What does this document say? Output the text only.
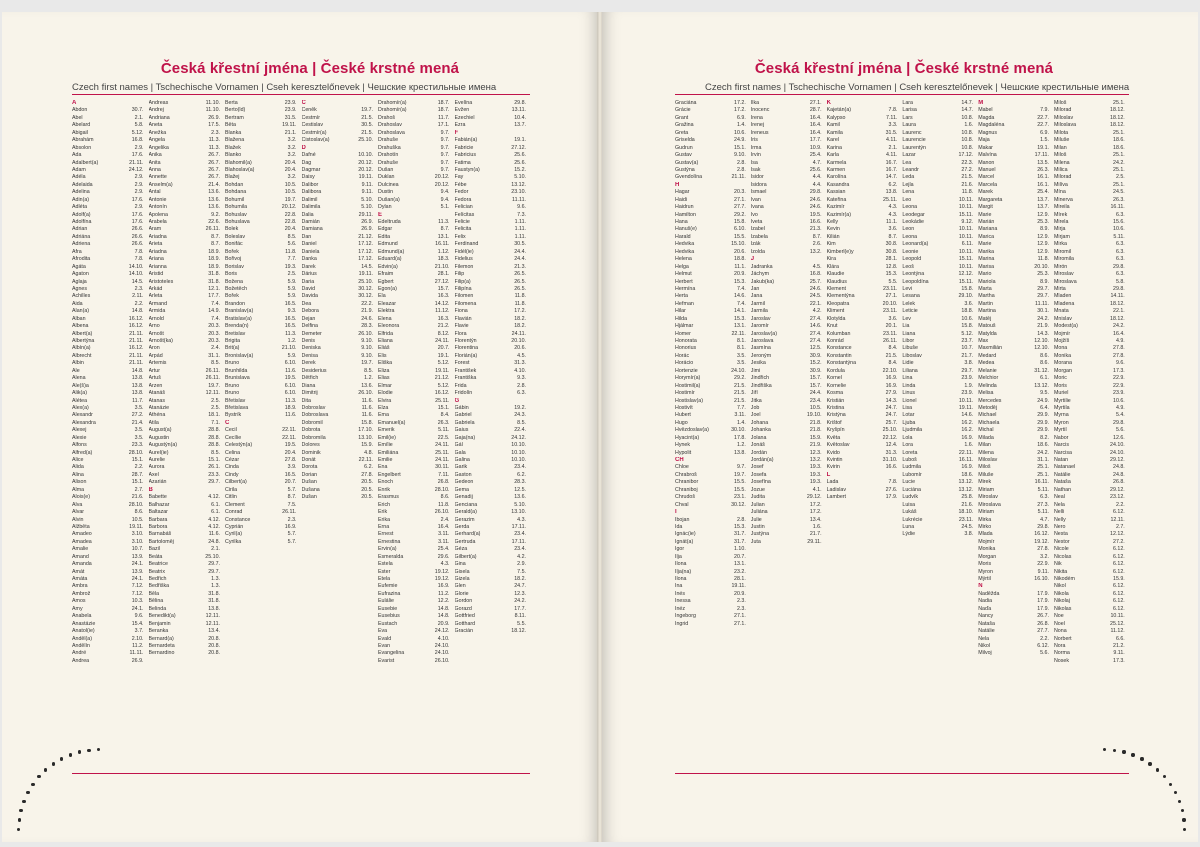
Česká křestní jména | České krstné mená
Czech first names | Tschechische Vornamen | Cseh keresztelőnevek | Чешские крестильные имена
A
Abdon	30.7.
Abel	2.1.
Abelard	5.8.
Abigail	5.12.
Abrahám	16.8.
Absolon	2.9.
Ada	17.6.
Adalbert(a)	21.11.
Adam	24.12.
Adéla	2.9.
Adelaida	2.9.
Adelina	2.9.
Adin(a)	17.6.
Adléta	2.9.
Adolf(a)	17.6.
Adolfína	17.6.
Adrian	26.6.
Adriána	26.6.
Adriena	26.6.
Afra	7.8.
Afrodita	7.8.
Agáta	14.10.
Agaton	14.10.
Aglaja	14.5.
Agnes	2.3.
Achilles	2.11.
Aida	2.2.
Alan(a)	14.8.
Alban	16.12.
Albena	16.12.
Albert(a)	21.11.
Albertýna	21.11.
Albín(a)	16.12.
Albrecht	21.11.
Albin	21.11.
Ale	14.8.
Alena	13.8.
Ale(š)a	13.8.
Alik(a)	13.8.
Alétea	11.7.
Alex(a)	3.5.
Alexandr	27.2.
Alexandra	21.4.
Alexej	3.5.
Alexie	3.5.
Alfons	23.3.
Alfred(a)	28.10.
Alice	15.1.
Alida	2.2.
Alina	28.7.
Alison	15.1.
Alma	2.7.
Alois(e)	21.6.
Alva	28.10.
Alvar	8.6.
Alvin	10.5.
Alžběta	19.11.
Amadeo	3.10.
Amadea	3.10.
Amalie	10.7.
Amand	13.9.
Amanda	24.1.
Amát	13.9.
Amáta	24.1.
Ambra	7.12.
Ambrož	7.12.
Amos	10.3.
Amy	24.1.
Anabela	9.6.
Anastázie	15.4.
Anatol(ie)	3.7.
Anděl(a)	2.10.
Andělín	11.2.
André	11.11.
Andrea	26.9.
Andreas	11.10.
Andrej	11.10.
Andriana	26.9.
Aneta	17.5.
Anežka	2.3.
Angela	11.3.
Angelika	11.3.
Anika	26.7.
Anita	26.7.
Anna	26.7.
Annette	26.7.
Anselm(a)	21.4.
Antal	13.6.
Antonie	13.6.
Antonín	13.6.
Apolena	9.2.
Arabela	22.6.
Aram	26.11.
Ariadna	8.7.
Arieta	8.7.
Ariadna	18.9.
Ariana	18.9.
Arianna	18.9.
Aristid	31.8.
Aristoteles	31.8.
Arkád	12.1.
Arleta	17.7.
Armand	7.4.
Armida	14.9.
Arnold	7.4.
Arno	20.3.
Arnošt	20.3.
Arnošt(ka)	20.3.
Aron	2.4.
Arpád	31.1.
Artemis	8.5.
Artur	26.11.
Artuš	26.11.
Arzen	19.7.
Atanáš	12.11.
Atanas	2.5.
Atanázie	2.5.
Athéna	18.1.
Atila	7.1.
August(a)	28.8.
Augustin	28.8.
Augustýn(a)	28.8.
Aurel(ie)	8.5.
Aurelie	15.1.
Aurora	26.1.
Axel	23.3.
Azarián	29.7.
B
Babette	4.12.
Balhazar	6.1.
Baltazar	6.1.
Barbara	4.12.
Barbora	4.12.
Barnabáš	11.6.
Bartoloměj	24.8.
Bazil	2.1.
Beáta	25.10.
Beatrice	29.7.
Beatrix	29.7.
Bedřich	1.3.
Bedřiška	1.3.
Běla	31.8.
Bělina	31.8.
Belinda	13.8.
Benedikt(a)	12.11.
Benjamin	12.11.
Beranka	13.4.
Bernard(a)	20.8.
Bernardeta	20.8.
Bernardino	20.8.
Berta	23.9.
Berto(ld)	23.9.
Bertram	31.5.
Běta	19.11.
Blanka	21.1.
Blažena	3.2.
Blažek	3.2.
Blanko	3.2.
Blahomil(a)	20.4.
Blahoslav(a)	20.4.
Blažej	3.2.
Bohdan	10.5.
Bohdana	10.5.
Bohumil	19.7.
Bohumila	20.12.
Bohuslav	22.8.
Bohuslava	22.8.
Bolek	20.4.
Boleslav	8.5.
Bonifác	5.6.
Bořek	11.8.
Bořivoj	7.7.
Borislav	19.3.
Boris	2.5.
Božena	5.9.
Božetěch	5.9.
Bořek	5.9.
Brandon	16.5.
Branislav(a)	9.3.
Bratislav(a)	16.5.
Brenda(n)	16.5.
Bretislav	11.3.
Brigita	1.2.
Brit(a)	21.10.
Bronislav(a)	5.9.
Bruno	6.10.
Brunhilda	11.6.
Brunislava	19.5.
Bruno	6.10.
Bruno	6.10.
Břetislav	11.3.
Břetislava	18.9.
Bystrík	11.6.
C
Cecil	22.11.
Cecílie	22.11.
Celestýn(a)	19.5.
Celina	20.4.
Cézar	27.8.
Cinda	3.9.
Cindy	16.5.
Cilbert(a)	20.7.
Cirila	5.7.
Citlin	8.7.
Clement	7.5.
Conrad	26.11.
Constance	2.3.
Cyprián	16.9.
Cyril(a)	5.7.
Cyrilka	5.7.
Č
Čeněk	19.7.
Čestmír	21.5.
Čestislav	30.5.
Čestmír(a)	21.5.
Čistoslav(a)	25.10.
D
Dafné	10.10.
Dag	20.12.
Dagmar	20.12.
Daisy	19.11.
Dalibor	9.11.
Dalibora	9.11.
Dalimil	5.10.
Dalimila	5.10.
Dalia	29.11.
Damián	26.9.
Damiana	26.9.
Dan	21.12.
Daniel	17.12.
Daniela	17.12.
Danka	17.12.
Darek	14.5.
Dárius	19.11.
Daria	25.10.
David	30.12.
Davida	30.12.
Dea	22.2.
Debora	21.9.
Dejan	24.6.
Delfina	28.3.
Demeter	26.10.
Denis	9.10.
Deniska	9.10.
Denisa	9.10.
Derek	19.7.
Desiderius	8.5.
Dětřich	1.2.
Diana	13.6.
Dimitrij	26.10.
Dita	11.6.
Dobroslav	11.6.
Dobroslava	11.6.
Dobromil	15.8.
Dobrota	17.10.
Dobromila	13.10.
Dolores	15.9.
Dominik	4.8.
Donát	22.11.
Dorota	6.2.
Dorian	27.8.
Dušan	20.5.
Dušana	20.5.
Dušan	20.5.
Drahomír(a)	18.7.
Drahomír(a)	18.7.
Drahoš	11.7.
Drahoslav	17.1.
Drahoslava	9.7.
Drahuše	9.7.
Drahuška	9.7.
Drahotín	9.7.
Drahuše	9.7.
Dušan	9.7.
Duklan	20.12.
Dulcinea	20.12.
Dustin	9.4.
Dušan(a)	9.4.
Dylan	5.1.
E
Edeltruda	11.3.
Edgar	8.7.
Edita	13.1.
Edmund	16.11.
Edmund(a)	1.12.
Eduard(a)	18.3.
Edvin(a)	21.10.
Efraim	28.1.
Egbert	27.12.
Egon(a)	15.7.
Ela	16.3.
Eleazar	14.12.
Elektra	11.12.
Elena	16.3.
Eleonora	21.2.
Elfrida	8.12.
Eliana	24.11.
Eliáš	20.7.
Elis	19.1.
Eliška	5.12.
Eliza	19.11.
Elias	21.12.
Elmar	5.12.
Elodie	16.12.
Elvira	25.11.
Elza	15.1.
Ema	8.4.
Emanuel(a)	26.3.
Emerik	5.11.
Emil(ie)	22.5.
Emílie	24.11.
Emiliána	25.11.
Emilie	24.11.
Ena	30.11.
Engelbert	7.11.
Enoch	26.8.
Enrik	28.10.
Erasmus	8.6.
Erich	11.8.
Erik	26.10.
Erika	2.4.
Erna	16.4.
Ernest	3.11.
Ernestina	3.11.
Ervin(a)	25.4.
Esmeralda	29.6.
Estela	4.3.
Ester	19.12.
Etela	19.12.
Eufemie	16.9.
Eufrazina	11.2.
Eulálie	12.2.
Eusebie	14.8.
Eusebius	14.8.
Eustach	20.9.
Eva	24.12.
Evald	4.10.
Evan	24.10.
Evangelina	24.10.
Evarist	26.10.
Evelína	29.8.
Evžen	13.11.
Ezechiel	10.4.
Ezra	13.7.
F
Fabián(a)	19.1.
Fabricie	27.12.
Fabricius	25.6.
Fatima	25.6.
Faustyn(a)	15.2.
Fay	5.10.
Fébe	13.12.
Fedor	23.10.
Fedora	11.11.
Felician	9.6.
Felícitas	7.3.
Felicie	1.11.
Felicita	1.11.
Felix	1.11.
Ferdinand	30.5.
Fidél(ie)	24.4.
Fidelius	24.4.
Filemon	21.3.
Filip	26.5.
Filip(a)	26.5.
Filipína	26.5.
Filomen	11.8.
Filomena	11.8.
Fiona	17.2.
Flavián	18.2.
Flavie	18.2.
Flora	24.11.
Florentýn	20.10.
Florentina	20.6.
Florián(a)	4.5.
Forest	31.3.
František	4.10.
Františka	9.3.
Frida	2.8.
Fridolín	6.3.
G
Gábin	19.2.
Gabriel	24.3.
Gabriela	8.5.
Gaius	22.4.
Gaja(na)	24.12.
Gál	10.10.
Gala	10.10.
Galina	10.10.
Garik	23.4.
Gaston	6.2.
Gedeon	28.3.
Gema	12.5.
Genadij	13.6.
Genciana	5.10.
Gerald(a)	13.10.
Gerazim	4.3.
Gerda	17.11.
Gerhard(a)	23.4.
Gertruda	17.11.
Géza	23.4.
Gilbert(a)	4.2.
Gina	2.9.
Gisela	7.5.
Gizela	18.2.
Glen	24.7.
Glorie	12.3.
Gordon	24.2.
Gorazd	17.7.
Gottfried	8.11.
Gotthard	5.5.
Gracián	18.12.
Česká křestní jména | České krstné mená
Czech first names | Tschechische Vornamen | Cseh keresztelőnevek | Чешские крестильные имена
Graciána	17.2.
Grácie	17.2.
Grant	6.9.
Gražina	1.4.
Greta	10.6.
Griselda	24.9.
Gudrun	15.1.
Gustav	9.10.
Gustav(a)	2.8.
Gustýna	2.8.
Gvendolína	21.11.
H
Hagar	20.3.
Haidi	27.1.
Haidrun	27.7.
Hamilton	29.2.
Hana	15.8.
Hanuš(e)	6.10.
Harald	15.5.
Hedvika	15.10.
Hedvika	20.6.
Helena	18.8.
Helga	11.1.
Helmut	20.9.
Herbert	15.3.
Hermína	7.4.
Herta	14.6.
Heřman	7.4.
Hilar	14.1.
Hilda	15.3.
Hjálmar	13.1.
Homer	22.11.
Honorata	8.1.
Honorius	8.1.
Horác	3.5.
Horácio	3.5.
Hortenzie	24.10.
Horymír(a)	29.2.
Hostimil(a)	21.5.
Hostimír	21.5.
Hostislav(a)	21.5.
Hostivít	7.7.
Hubert	3.11.
Hugo	1.4.
Hvězdoslav(a)	30.10.
Hyacint(a)	17.8.
Hynek	1.2.
Hypolit	13.8.
CH
Chloe	9.7.
Chrabroš	19.7.
Chranibor	15.5.
Chraniboj	15.5.
Chrudoš	23.1.
Chval	30.12.
I
Ibojan	2.8.
Ida	15.3.
Ignác(ie)	31.7.
Ignát(a)	31.7.
Igor	1.10.
Ilja	20.7.
Ilona	13.1.
Ilja(na)	23.2.
Ilona	28.1.
Ina	19.11.
Inés	20.9.
Inessa	2.3.
Inéz	2.3.
Ingeborg	27.1.
Ingrid	27.1.
Ilka	27.1.
Inocenc	28.7.
Irena	16.4.
Irenej	16.4.
Ireneus	16.4.
Iris	17.7.
Irma	10.9.
Irvin	25.4.
Isa	4.7.
Isak	25.6.
Isidor	4.4.
Isidora	4.4.
Ismael	29.8.
Ivan	24.6.
Ivana	24.6.
Ivo	19.5.
Iveta	16.6.
Izabel	21.3.
Izabela	8.7.
Izák	2.6.
Izolda	13.2.
J
Jadranka	4.5.
Jáchym	16.8.
Jakub(ka)	25.7.
Jan	24.6.
Jana	24.5.
Jarmil	22.1.
Jarmila	4.2.
Jaroslav	27.4.
Jaromír	14.6.
Jaroslav(a)	27.4.
Jaroslava	27.4.
Jasmína	12.5.
Jeroným	30.9.
Jesika	15.2.
Jimi	30.9.
Jindřich	15.7.
Jindřiška	15.7.
Jiří	24.4.
Jitka	23.4.
Job	10.5.
Joel	19.10.
Johana	21.8.
Johanka	21.8.
Jolana	15.9.
Jonáš	21.9.
Jordán	12.3.
Jordán(a)	13.2.
Josef	19.3.
Josefa	19.3.
Josefína	19.3.
Jozue	4.1.
Judita	29.12.
Julian	17.2.
Juliána	17.2.
Julie	13.4.
Justin	1.6.
Justýna	21.7.
Juta	29.11.
K
Kajetán(a)	7.8.
Kalypso	7.11.
Kamil	3.3.
Kamila	31.5.
Karel	4.11.
Karina	2.1.
Karla	4.11.
Karmela	16.7.
Karmen	16.7.
Karolína	14.7.
Kasandra	6.2.
Kassian	13.8.
Kateřina	25.11.
Kazimír	4.3.
Kazimír(a)	4.3.
Kelly	11.1.
Kevin	3.6.
Kilián	8.7.
Kim	30.8.
Kimberl(e)y	30.8.
Kira	28.1.
Klára	12.8.
Klaudie	15.3.
Klaudius	5.5.
Klement	23.11.
Klementýna	27.1.
Kleopatra	20.10.
Kliment	23.11.
Klotylda	3.6.
Knut	20.1.
Kolumban	23.11.
Konrád	26.11.
Konstance	8.4.
Konstantin	21.5.
Konstantýna	8.4.
Kordula	22.10.
Kornel	16.9.
Kornelie	16.9.
Kosma	27.9.
Kristián	14.3.
Kristina	24.7.
Kristýna	24.7.
Krištof	25.7.
Kryšpín	25.10.
Květa	22.12.
Květoslav	12.4.
Kvido	31.3.
Kvintin	31.10.
Kvirin	16.6.
L
Lada	7.8.
Ladislav	27.6.
Lambert	17.9.
Lara	14.7.
Larisa	14.7.
Lars	10.8.
Laura	1.6.
Laurenc	10.8.
Laurencie	10.8.
Laurentýn	10.8.
Lazar	17.12.
Lea	22.3.
Leandr	27.2.
Leda	21.5.
Lejla	21.6.
Lena	11.8.
Leo	10.11.
Leona	10.11.
Leodegar	15.11.
Leokádie	9.12.
Leon	10.11.
Leona	10.11.
Leonard(a)	6.11.
Leonie	10.11.
Leopold	15.11.
Leoš	10.11.
Leontýna	12.12.
Leopoldína	15.11.
Levi	15.8.
Lesana	29.10.
Lelek	3.6.
Leticie	18.8.
Lev	10.6.
Lia	15.8.
Liana	5.12.
Libor	23.7.
Libuše	10.7.
Liboslav	21.7.
Lidie	3.8.
Liliana	29.7.
Lina	23.9.
Linda	1.9.
Linus	23.9.
Lionel	10.11.
Lisa	19.11.
Lotar	14.6.
Ljuba	16.2.
Ljudmila	16.2.
Lola	16.9.
Lora	1.6.
Loreta	22.11.
Luboš	16.11.
Ludmila	16.9.
Lubomír	18.6.
Lucie	13.12.
Luciána	13.12.
Ludvík	25.8.
Luisa	21.6.
Lukáš	18.10.
Lukrécie	23.11.
Luna	24.5.
Lýdie	3.8.
M
Mabel	7.9.
Magda	22.7.
Magdaléna	22.7.
Magnus	6.9.
Maja	1.5.
Makar	19.1.
Malvína	17.11.
Manon	13.5.
Manuel	26.3.
Marcel	16.1.
Marcela	16.1.
Marek	25.4.
Margareta	13.7.
Margit	13.7.
Marie	12.9.
Marián	25.3.
Mariana	8.9.
Marica	12.9.
Marie	12.9.
Marika	12.9.
Marina	11.8.
Marisa	20.10.
Mario	25.3.
Mariola	8.9.
Marta	29.7.
Martha	29.7.
Martin	11.11.
Martina	30.1.
Matěj	24.2.
Matouš	21.9.
Matylda	14.3.
Max	12.10.
Maxmilián	12.10.
Medard	8.6.
Medea	8.6.
Melanie	31.12.
Melchior	6.1.
Melinda	13.12.
Melisa	9.5.
Mercedes	24.9.
Metoděj	6.4.
Michael	29.9.
Michaela	29.9.
Michal	29.9.
Milada	8.2.
Milan	18.6.
Milena	24.2.
Miloslav	31.1.
Miloš	25.1.
Miluše	25.1.
Mirek	16.11.
Miriam	5.11.
Miroslav	6.3.
Miroslava	27.3.
Miriam	5.11.
Mirka	4.7.
Mirko	29.8.
Mlada	16.12.
Mojmír	19.12.
Monika	27.8.
Morgan	3.2.
Moris	22.9.
Myron	9.11.
Mýrtil	16.10.
N
Naděžda	17.9.
Nadia	17.9.
Naďa	17.9.
Nancy	26.7.
Nataša	26.8.
Natálie	27.7.
Nela	2.2.
Nikol	6.12.
Milvoj	5.6.
Miloš	25.1.
Milorad	18.12.
Miloslav	18.12.
Miloslava	18.12.
Milota	25.1.
Miluše	18.6.
Milan	18.6.
Miloš	25.1.
Milena	24.2.
Milica	25.1.
Milorad	2.5.
Milíva	25.1.
Mína	24.5.
Minerva	26.3.
Mireila	16.11.
Mírek	6.3.
Mirela	15.6.
Mirja	10.6.
Mirjam	5.11.
Mirka	6.3.
Miromil	6.3.
Miromila	6.3.
Mirón	29.8.
Miroslav	6.3.
Miroslava	5.8.
Mirta	29.8.
Mladen	14.11.
Mladena	18.12.
Mnata	22.1.
Mnislav	18.12.
Modest(a)	24.2.
Mojmír	16.4.
Mojžíš	4.9.
Mona	27.8.
Monika	27.8.
Morana	9.6.
Morgan	17.3.
Moric	22.9.
Moris	22.9.
Muriel	23.9.
Myrtilie	10.6.
Myrtila	4.9.
Myrna	5.4.
Myron	29.8.
Myrtil	5.6.
Nabor	12.6.
Narcis	24.10.
Narcisa	24.10.
Natan	29.12.
Natanael	24.8.
Natálie	24.8.
Nataša	26.8.
Nathan	29.12.
Neal	23.12.
Nela	2.2.
Nelli	6.12.
Nelly	12.11.
Nero	2.7.
Nesta	12.12.
Nestor	27.2.
Nicole	6.12.
Nicolas	6.12.
Nik	6.12.
Nikita	6.12.
Nikodém	15.9.
Nikol	6.12.
Nikola	6.12.
Nikolaj	6.12.
Nikolas	6.12.
Noe	10.11.
Noel	25.12.
Nona	11.12.
Norbert	6.6.
Nora	21.2.
Norma	9.11.
Nosek	17.3.
